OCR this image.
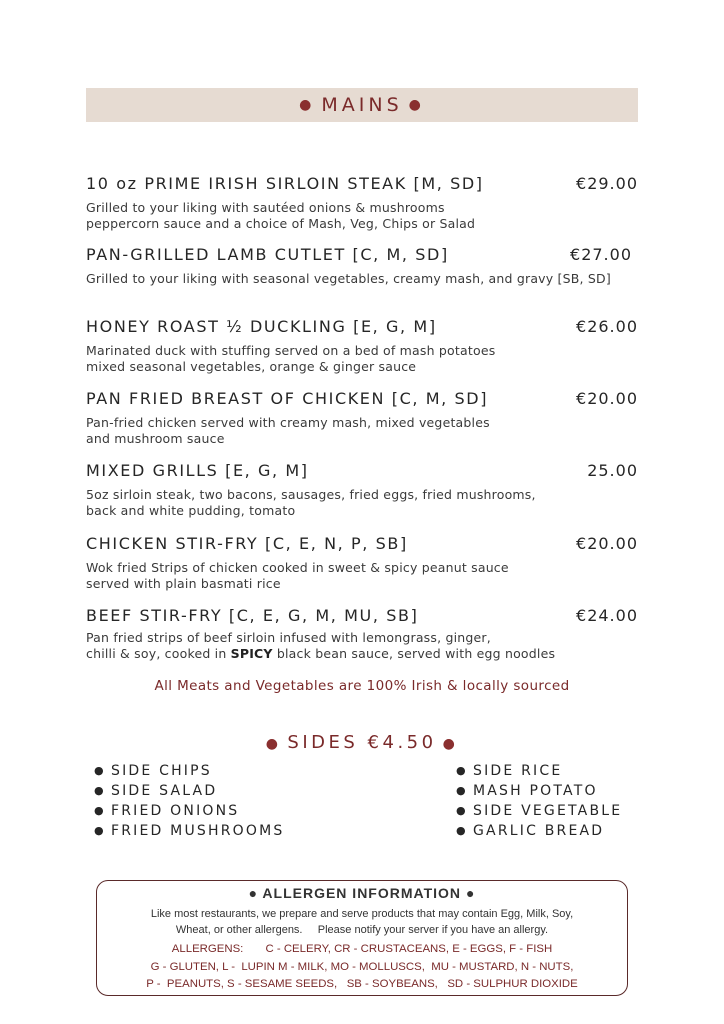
● MAINS ●
10 oz PRIME IRISH SIRLOIN STEAK [M, SD]	€29.00
Grilled to your liking with sautéed onions & mushrooms
peppercorn sauce and a choice of Mash, Veg, Chips or Salad
PAN-GRILLED LAMB CUTLET [C, M, SD]	€27.00
Grilled to your liking with seasonal vegetables, creamy mash, and gravy [SB, SD]
HONEY ROAST ½ DUCKLING [E, G, M]	€26.00
Marinated duck with stuffing served on a bed of mash potatoes
mixed seasonal vegetables, orange & ginger sauce
PAN FRIED BREAST OF CHICKEN [C, M, SD]	€20.00
Pan-fried chicken served with creamy mash, mixed vegetables
and mushroom sauce
MIXED GRILLS [E, G, M]	25.00
5oz sirloin steak, two bacons, sausages, fried eggs, fried mushrooms,
back and white pudding, tomato
CHICKEN STIR-FRY [C, E, N, P, SB]	€20.00
Wok fried Strips of chicken cooked in sweet & spicy peanut sauce
served with plain basmati rice
BEEF STIR-FRY [C, E, G, M, MU, SB]	€24.00
Pan fried strips of beef sirloin infused with lemongrass, ginger,
chilli & soy, cooked in SPICY black bean sauce, served with egg noodles
All Meats and Vegetables are 100% Irish & locally sourced
● SIDES €4.50 ●
● SIDE CHIPS
● SIDE SALAD
● FRIED ONIONS
● FRIED MUSHROOMS
● SIDE RICE
● MASH POTATO
● SIDE VEGETABLE
● GARLIC BREAD
● ALLERGEN INFORMATION ●
Like most restaurants, we prepare and serve products that may contain Egg, Milk, Soy,
Wheat, or other allergens.     Please notify your server if you have an allergy.
ALLERGENS:       C - CELERY, CR - CRUSTACEANS, E - EGGS, F - FISH
G - GLUTEN, L -  LUPIN M - MILK, MO - MOLLUSCS,  MU - MUSTARD, N - NUTS,
P -  PEANUTS, S - SESAME SEEDS,   SB - SOYBEANS,   SD - SULPHUR DIOXIDE
